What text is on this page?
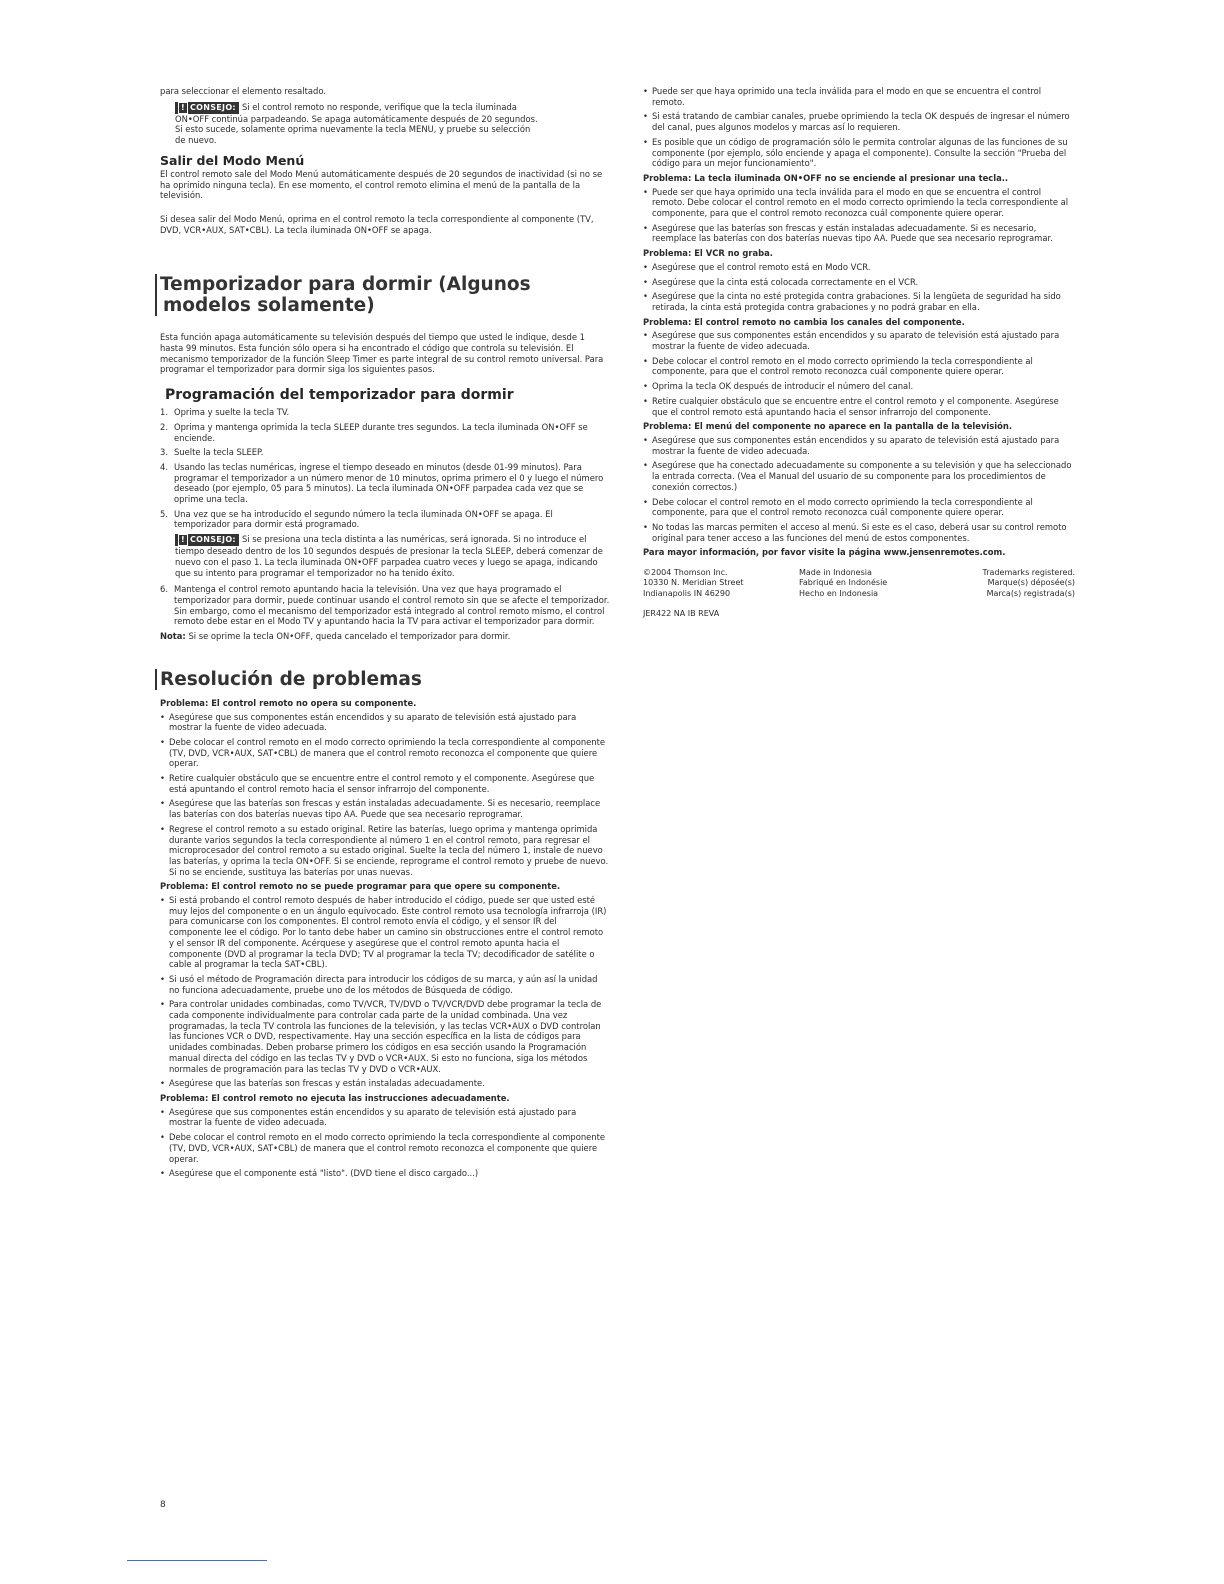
para seleccionar el elemento resaltado.

! CONSEJO: Si el control remoto no responde, verifique que la tecla iluminada

ON•OFF continúa parpadeando. Se apaga automáticamente después de 20 segundos.

Si esto sucede, solamente oprima nuevamente la tecla MENU, y pruebe su selección

de nuevo.

Salir del Modo Menú

El control remoto sale del Modo Menú automáticamente después de 20 segundos de inactividad (si no se ha oprimido ninguna tecla). En ese momento, el control remoto elimina el menú de la pantalla de la televisión.

Si desea salir del Modo Menú, oprima en el control remoto la tecla correspondiente al componente (TV, DVD, VCR•AUX, SAT•CBL). La tecla iluminada ON•OFF se apaga.

Temporizador para dormir (Algunos
modelos solamente)

Esta función apaga automáticamente su televisión después del tiempo que usted le indique, desde 1 hasta 99 minutos. Esta función sólo opera si ha encontrado el código que controla su televisión. El mecanismo temporizador de la función Sleep Timer es parte integral de su control remoto universal. Para programar el temporizador para dormir siga los siguientes pasos.

Programación del temporizador para dormir
1. Oprima y suelte la tecla TV.

2. Oprima y mantenga oprimida la tecla SLEEP durante tres segundos. La tecla iluminada ON•OFF se enciende.

3. Suelte la tecla SLEEP.

4. Usando las teclas numéricas, ingrese el tiempo deseado en minutos (desde 01-99 minutos). Para programar el temporizador a un número menor de 10 minutos, oprima primero el 0 y luego el número deseado (por ejemplo, 05 para 5 minutos). La tecla iluminada ON•OFF parpadea cada vez que se oprime una tecla.

5. Una vez que se ha introducido el segundo número la tecla iluminada ON•OFF se apaga. El temporizador para dormir está programado.

! CONSEJO: Si se presiona una tecla distinta a las numéricas, será ignorada. Si no introduce el tiempo deseado dentro de los 10 segundos después de presionar la tecla SLEEP, deberá comenzar de nuevo con el paso 1. La tecla iluminada ON•OFF parpadea cuatro veces y luego se apaga, indicando que su intento para programar el temporizador no ha tenido éxito.

6. Mantenga el control remoto apuntando hacia la televisión. Una vez que haya programado el temporizador para dormir, puede continuar usando el control remoto sin que se afecte el temporizador. Sin embargo, como el mecanismo del temporizador está integrado al control remoto mismo, el control remoto debe estar en el Modo TV y apuntando hacia la TV para activar el temporizador para dormir.

Nota: Si se oprime la tecla ON•OFF, queda cancelado el temporizador para dormir.

Resolución de problemas

Problema: El control remoto no opera su componente.

• Asegúrese que sus componentes están encendidos y su aparato de televisión está ajustado para mostrar la fuente de video adecuada.

• Debe colocar el control remoto en el modo correcto oprimiendo la tecla correspondiente al componente (TV, DVD, VCR•AUX, SAT•CBL) de manera que el control remoto reconozca el componente que quiere operar.

• Retire cualquier obstáculo que se encuentre entre el control remoto y el componente. Asegúrese que está apuntando el control remoto hacia el sensor infrarrojo del componente.

• Asegúrese que las baterías son frescas y están instaladas adecuadamente. Si es necesario, reemplace las baterías con dos baterías nuevas tipo AA. Puede que sea necesario reprogramar.

• Regrese el control remoto a su estado original. Retire las baterías, luego oprima y mantenga oprimida durante varios segundos la tecla correspondiente al número 1 en el control remoto, para regresar el microprocesador del control remoto a su estado original. Suelte la tecla del número 1, instale de nuevo las baterías, y oprima la tecla ON•OFF. Si se enciende, reprograme el control remoto y pruebe de nuevo. Si no se enciende, sustituya las baterías por unas nuevas.

Problema: El control remoto no se puede programar para que opere su componente.

• Si está probando el control remoto después de haber introducido el código, puede ser que usted esté muy lejos del componente o en un ángulo equivocado. Este control remoto usa tecnología infrarroja (IR) para comunicarse con los componentes. El control remoto envía el código, y el sensor IR del componente lee el código. Por lo tanto debe haber un camino sin obstrucciones entre el control remoto y el sensor IR del componente. Acérquese y asegúrese que el control remoto apunta hacia el componente (DVD al programar la tecla DVD; TV al programar la tecla TV; decodificador de satélite o cable al programar la tecla SAT•CBL).

• Si usó el método de Programación directa para introducir los códigos de su marca, y aún así la unidad no funciona adecuadamente, pruebe uno de los métodos de Búsqueda de código.

• Para controlar unidades combinadas, como TV/VCR, TV/DVD o TV/VCR/DVD debe programar la tecla de cada componente individualmente para controlar cada parte de la unidad combinada. Una vez programadas, la tecla TV controla las funciones de la televisión, y las teclas VCR•AUX o DVD controlan las funciones VCR o DVD, respectivamente. Hay una sección específica en la lista de códigos para unidades combinadas. Deben probarse primero los códigos en esa sección usando la Programación manual directa del código en las teclas TV y DVD o VCR•AUX. Si esto no funciona, siga los métodos normales de programación para las teclas TV y DVD o VCR•AUX.

• Asegúrese que las baterías son frescas y están instaladas adecuadamente.

Problema: El control remoto no ejecuta las instrucciones adecuadamente.

• Asegúrese que sus componentes están encendidos y su aparato de televisión está ajustado para mostrar la fuente de video adecuada.

• Debe colocar el control remoto en el modo correcto oprimiendo la tecla correspondiente al componente (TV, DVD, VCR•AUX, SAT•CBL) de manera que el control remoto reconozca el componente que quiere operar.

• Asegúrese que el componente está "listo". (DVD tiene el disco cargado...)

• Puede ser que haya oprimido una tecla inválida para el modo en que se encuentra el control remoto.

• Si está tratando de cambiar canales, pruebe oprimiendo la tecla OK después de ingresar el número del canal, pues algunos modelos y marcas así lo requieren.

• Es posible que un código de programación sólo le permita controlar algunas de las funciones de su componente (por ejemplo, sólo enciende y apaga el componente). Consulte la sección "Prueba del código para un mejor funcionamiento".

Problema: La tecla iluminada ON•OFF no se enciende al presionar una tecla..

• Puede ser que haya oprimido una tecla inválida para el modo en que se encuentra el control remoto. Debe colocar el control remoto en el modo correcto oprimiendo la tecla correspondiente al componente, para que el control remoto reconozca cuál componente quiere operar.

• Asegúrese que las baterías son frescas y están instaladas adecuadamente. Si es necesario, reemplace las baterías con dos baterías nuevas tipo AA. Puede que sea necesario reprogramar.

Problema: El VCR no graba.

• Asegúrese que el control remoto está en Modo VCR.

• Asegúrese que la cinta está colocada correctamente en el VCR.

• Asegúrese que la cinta no esté protegida contra grabaciones. Si la lengüeta de seguridad ha sido retirada, la cinta está protegida contra grabaciones y no podrá grabar en ella.

Problema: El control remoto no cambia los canales del componente.

• Asegúrese que sus componentes están encendidos y su aparato de televisión está ajustado para mostrar la fuente de video adecuada.

• Debe colocar el control remoto en el modo correcto oprimiendo la tecla correspondiente al componente, para que el control remoto reconozca cuál componente quiere operar.

• Oprima la tecla OK después de introducir el número del canal.

• Retire cualquier obstáculo que se encuentre entre el control remoto y el componente. Asegúrese que el control remoto está apuntando hacia el sensor infrarrojo del componente.

Problema: El menú del componente no aparece en la pantalla de la televisión.

• Asegúrese que sus componentes están encendidos y su aparato de televisión está ajustado para mostrar la fuente de video adecuada.

• Asegúrese que ha conectado adecuadamente su componente a su televisión y que ha seleccionado la entrada correcta. (Vea el Manual del usuario de su componente para los procedimientos de conexión correctos.)

• Debe colocar el control remoto en el modo correcto oprimiendo la tecla correspondiente al componente, para que el control remoto reconozca cuál componente quiere operar.

• No todas las marcas permiten el acceso al menú. Si este es el caso, deberá usar su control remoto original para tener acceso a las funciones del menú de estos componentes.

Para mayor información, por favor visite la página www.jensenremotes.com.

©2004 Thomson Inc.

10330 N. Meridian Street

Indianapolis IN 46290

Made in Indonesia

Fabriqué en Indonésie

Hecho en Indonesia

Trademarks registered.

Marque(s) déposée(s)

Marca(s) registrada(s)

JER422 NA IB REVA

8
